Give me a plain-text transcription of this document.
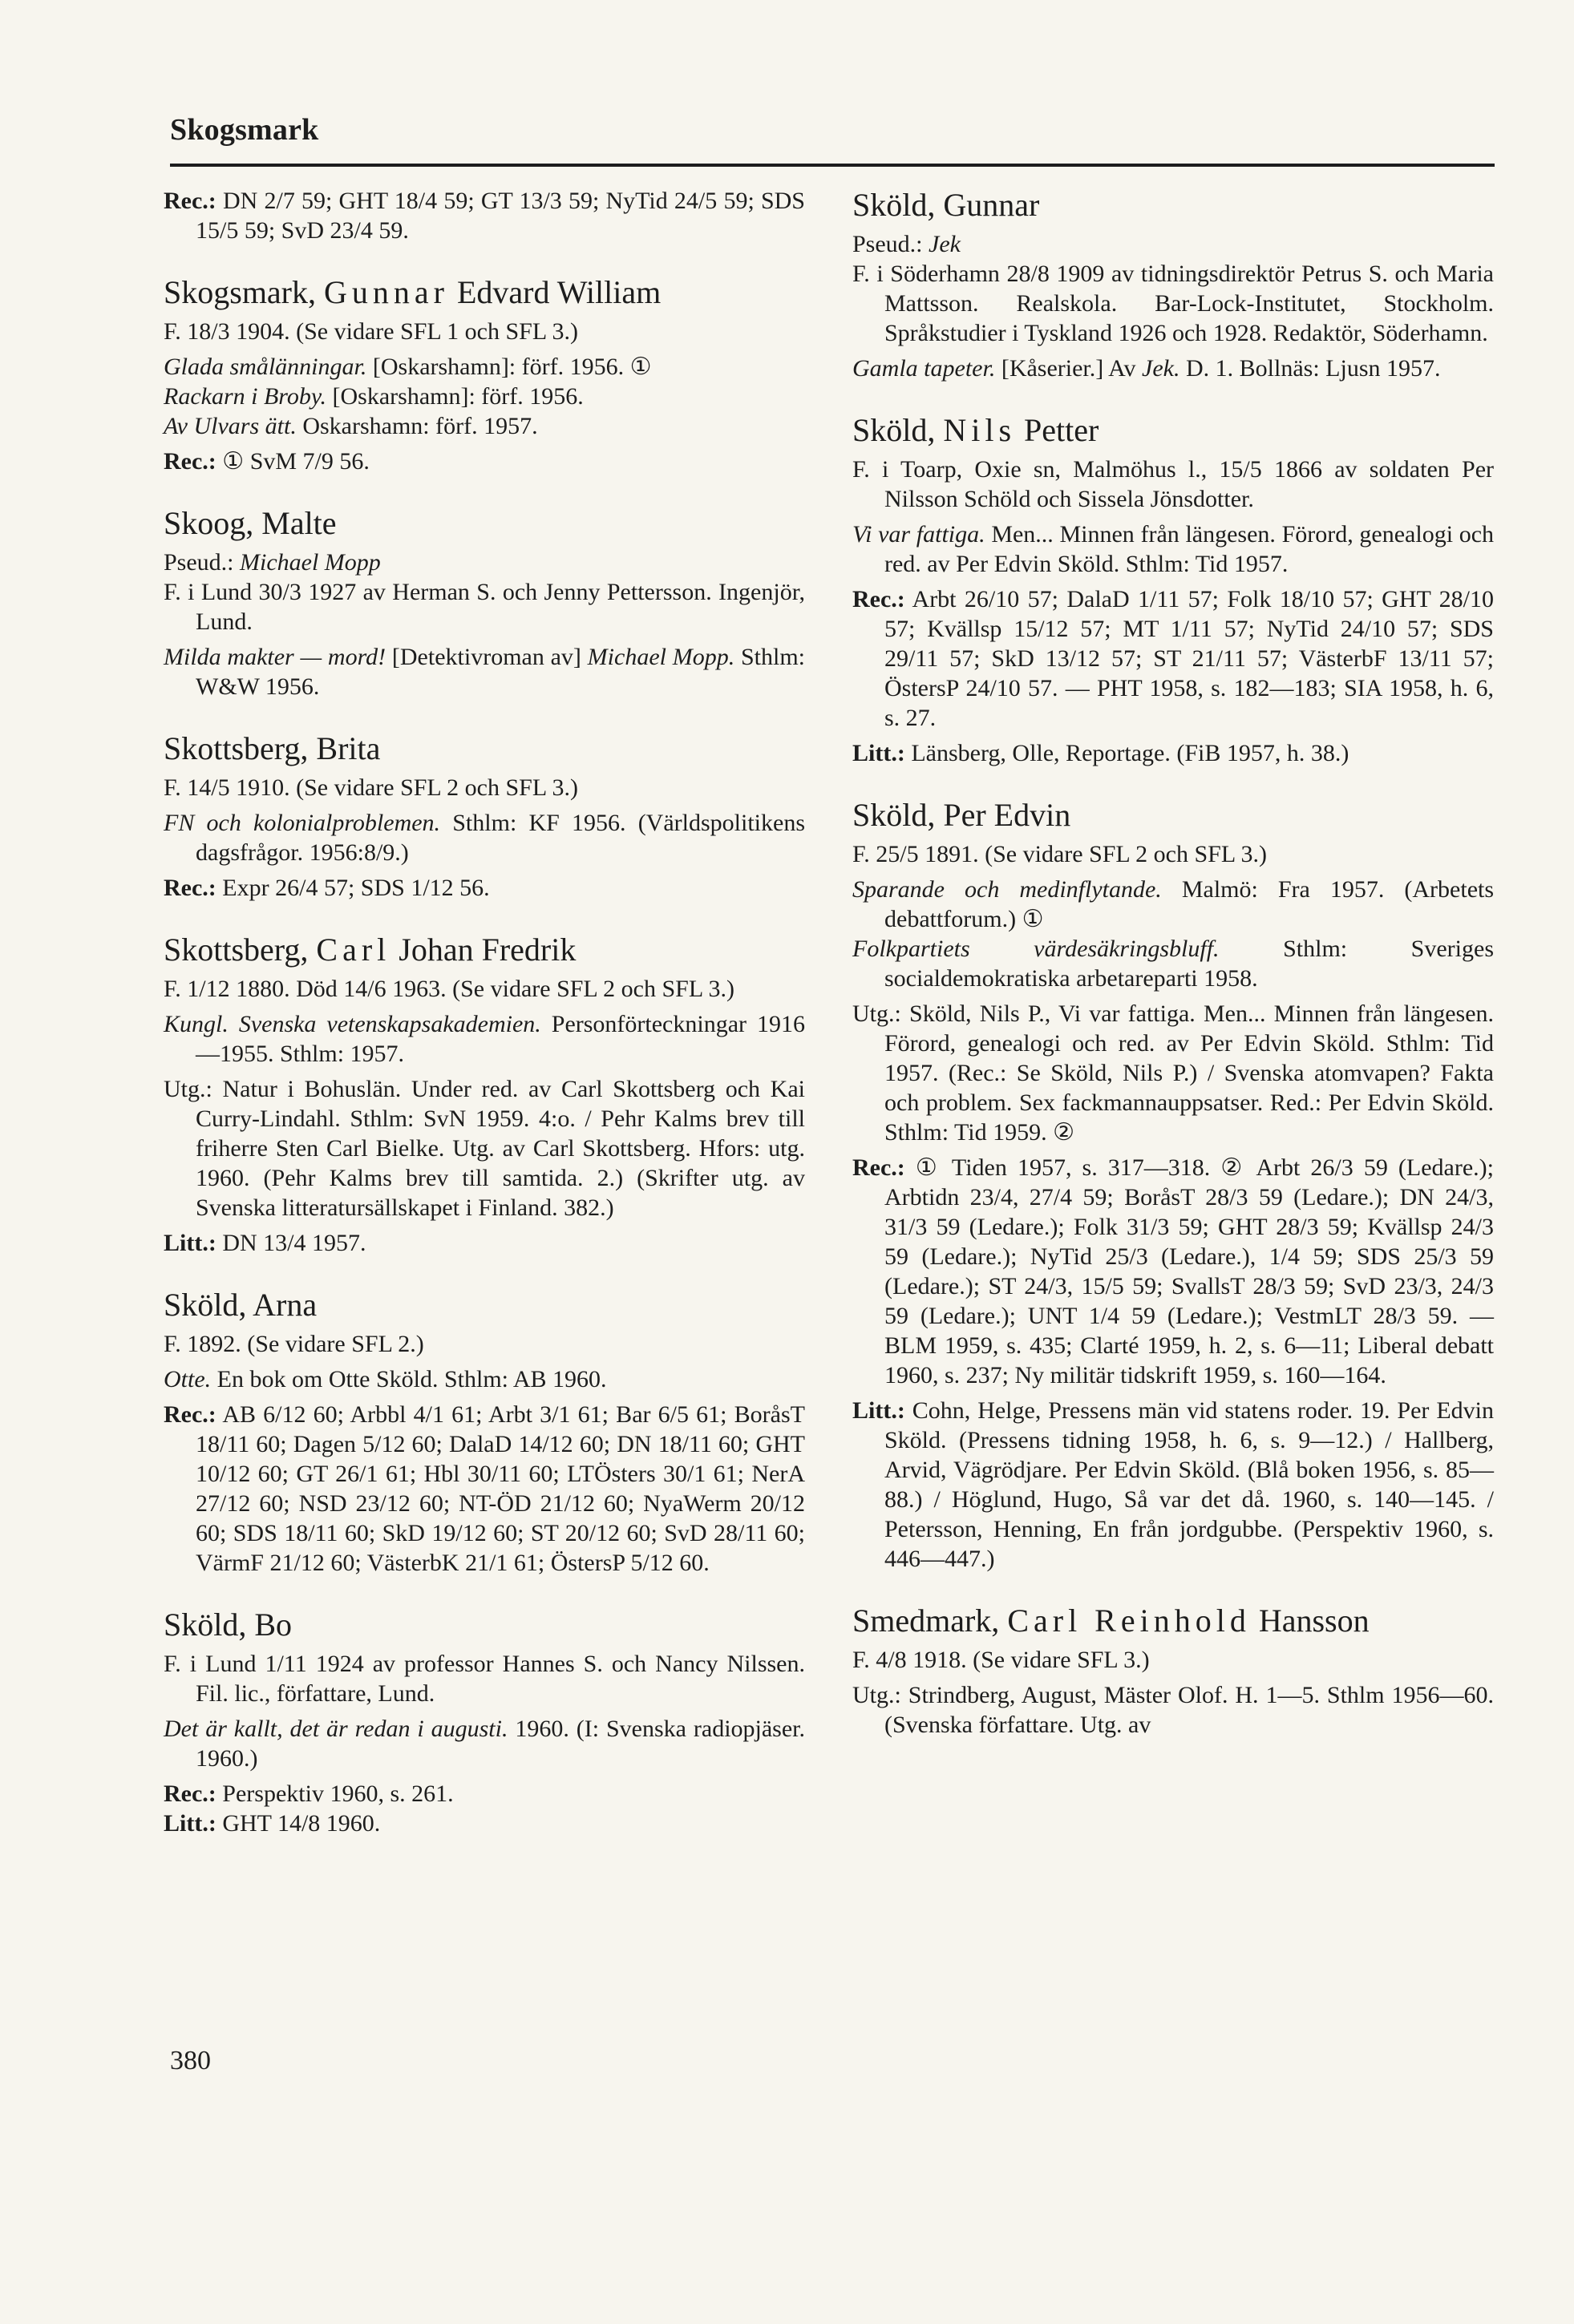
Skogsmark

Rec.: DN 2/7 59; GHT 18/4 59; GT 13/3 59; NyTid 24/5 59; SDS 15/5 59; SvD 23/4 59.

Skogsmark, Gunnar Edvard William

F. 18/3 1904. (Se vidare SFL 1 och SFL 3.)

Glada smålänningar. [Oskarshamn]: förf. 1956. ①

Rackarn i Broby. [Oskarshamn]: förf. 1956.

Av Ulvars ätt. Oskarshamn: förf. 1957.

Rec.: ① SvM 7/9 56.

Skoog, Malte

Pseud.: Michael Mopp

F. i Lund 30/3 1927 av Herman S. och Jenny Pettersson. Ingenjör, Lund.

Milda makter — mord! [Detektivroman av] Michael Mopp. Sthlm: W&W 1956.

Skottsberg, Brita

F. 14/5 1910. (Se vidare SFL 2 och SFL 3.)

FN och kolonialproblemen. Sthlm: KF 1956. (Världspolitikens dagsfrågor. 1956:8/9.)

Rec.: Expr 26/4 57; SDS 1/12 56.

Skottsberg, Carl Johan Fredrik

F. 1/12 1880. Död 14/6 1963. (Se vidare SFL 2 och SFL 3.)

Kungl. Svenska vetenskapsakademien. Personförteckningar 1916—1955. Sthlm: 1957.

Utg.: Natur i Bohuslän. Under red. av Carl Skottsberg och Kai Curry-Lindahl. Sthlm: SvN 1959. 4:o. / Pehr Kalms brev till friherre Sten Carl Bielke. Utg. av Carl Skottsberg. Hfors: utg. 1960. (Pehr Kalms brev till samtida. 2.) (Skrifter utg. av Svenska litteratursällskapet i Finland. 382.)

Litt.: DN 13/4 1957.

Sköld, Arna

F. 1892. (Se vidare SFL 2.)

Otte. En bok om Otte Sköld. Sthlm: AB 1960.

Rec.: AB 6/12 60; Arbbl 4/1 61; Arbt 3/1 61; Bar 6/5 61; BoråsT 18/11 60; Dagen 5/12 60; DalaD 14/12 60; DN 18/11 60; GHT 10/12 60; GT 26/1 61; Hbl 30/11 60; LTÖsters 30/1 61; NerA 27/12 60; NSD 23/12 60; NT-ÖD 21/12 60; NyaWerm 20/12 60; SDS 18/11 60; SkD 19/12 60; ST 20/12 60; SvD 28/11 60; VärmF 21/12 60; VästerbK 21/1 61; ÖstersP 5/12 60.

Sköld, Bo

F. i Lund 1/11 1924 av professor Hannes S. och Nancy Nilssen. Fil. lic., författare, Lund.

Det är kallt, det är redan i augusti. 1960. (I: Svenska radiopjäser. 1960.)

Rec.: Perspektiv 1960, s. 261.

Litt.: GHT 14/8 1960.

Sköld, Gunnar

Pseud.: Jek

F. i Söderhamn 28/8 1909 av tidningsdirektör Petrus S. och Maria Mattsson. Realskola. Bar-Lock-Institutet, Stockholm. Språkstudier i Tyskland 1926 och 1928. Redaktör, Söderhamn.

Gamla tapeter. [Kåserier.] Av Jek. D. 1. Bollnäs: Ljusn 1957.

Sköld, Nils Petter

F. i Toarp, Oxie sn, Malmöhus l., 15/5 1866 av soldaten Per Nilsson Schöld och Sissela Jönsdotter.

Vi var fattiga. Men... Minnen från längesen. Förord, genealogi och red. av Per Edvin Sköld. Sthlm: Tid 1957.

Rec.: Arbt 26/10 57; DalaD 1/11 57; Folk 18/10 57; GHT 28/10 57; Kvällsp 15/12 57; MT 1/11 57; NyTid 24/10 57; SDS 29/11 57; SkD 13/12 57; ST 21/11 57; VästerbF 13/11 57; ÖstersP 24/10 57. — PHT 1958, s. 182—183; SIA 1958, h. 6, s. 27.

Litt.: Länsberg, Olle, Reportage. (FiB 1957, h. 38.)

Sköld, Per Edvin

F. 25/5 1891. (Se vidare SFL 2 och SFL 3.)

Sparande och medinflytande. Malmö: Fra 1957. (Arbetets debattforum.) ①

Folkpartiets värdesäkringsbluff.	Sthlm: Sveriges socialdemokratiska arbetareparti 1958.

Utg.: Sköld, Nils P., Vi var fattiga. Men... Minnen från längesen. Förord, genealogi och red. av Per Edvin Sköld. Sthlm: Tid 1957. (Rec.: Se Sköld, Nils P.) / Svenska atomvapen? Fakta och problem. Sex fackmannauppsatser. Red.: Per Edvin Sköld. Sthlm: Tid 1959. ②

Rec.: ① Tiden 1957, s. 317—318. ② Arbt 26/3 59 (Ledare.); Arbtidn 23/4, 27/4 59; BoråsT 28/3 59 (Ledare.); DN 24/3, 31/3 59 (Ledare.); Folk 31/3 59; GHT 28/3 59; Kvällsp 24/3 59 (Ledare.); NyTid 25/3 (Ledare.), 1/4 59; SDS 25/3 59 (Ledare.); ST 24/3, 15/5 59; SvallsT 28/3 59; SvD 23/3, 24/3 59 (Ledare.); UNT 1/4 59 (Ledare.); VestmLT 28/3 59. — BLM 1959, s. 435; Clarté 1959, h. 2, s. 6—11; Liberal debatt 1960, s. 237; Ny militär tidskrift 1959, s. 160—164.

Litt.: Cohn, Helge, Pressens män vid statens roder. 19. Per Edvin Sköld. (Pressens tidning 1958, h. 6, s. 9—12.) / Hallberg, Arvid, Vägrödjare. Per Edvin Sköld. (Blå boken 1956, s. 85—88.) / Höglund, Hugo, Så var det då. 1960, s. 140—145. / Petersson, Henning, En från jordgubbe. (Perspektiv 1960, s. 446—447.)

Smedmark, Carl Reinhold Hansson

F. 4/8 1918. (Se vidare SFL 3.)

Utg.: Strindberg, August, Mäster Olof. H. 1—5. Sthlm 1956—60. (Svenska författare. Utg. av

380
